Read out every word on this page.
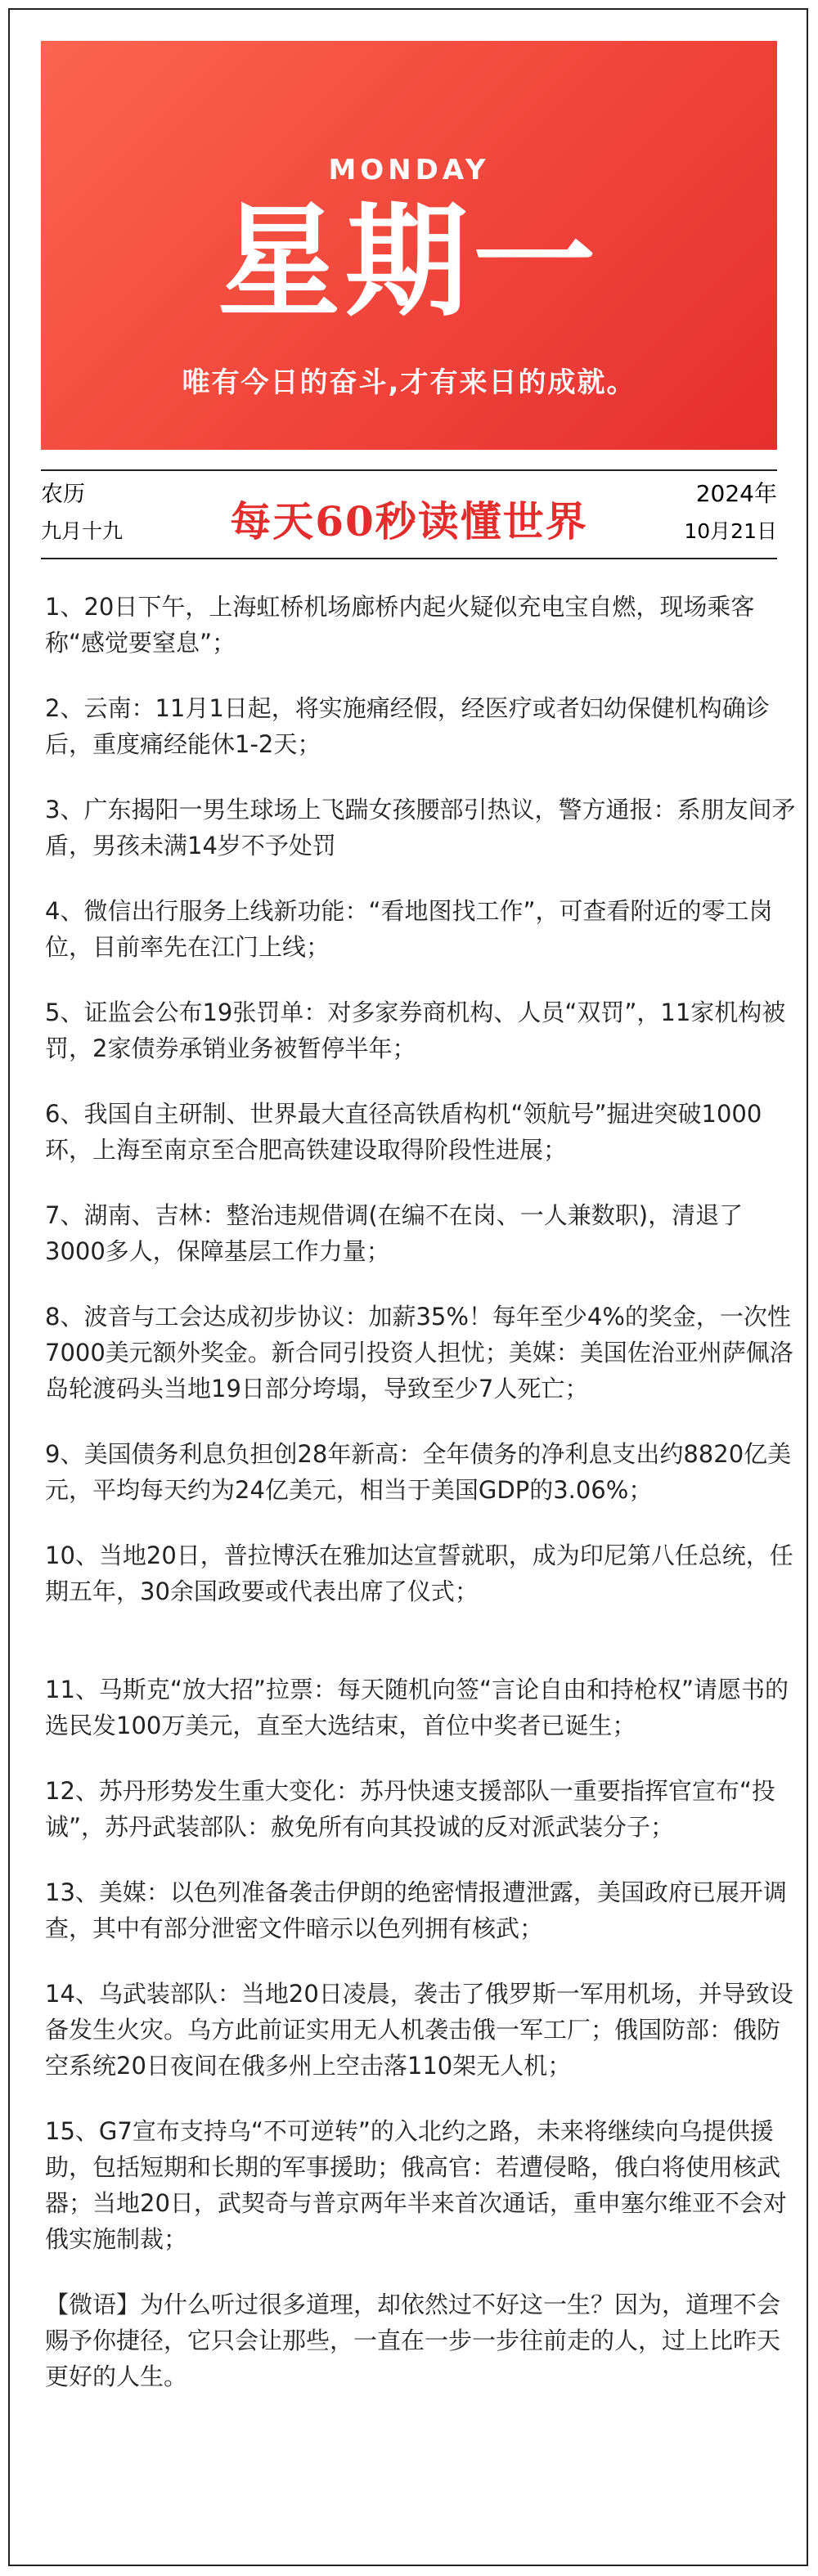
MONDAY
星期一
唯有今日的奋斗,才有来日的成就。
农历
九月十九	每天60秒读懂世界
2024年
10月21日

1、20日下午，上海虹桥机场廊桥内起火疑似充电宝自燃，现场乘客称“感觉要窒息”；

2、云南：11月1日起，将实施痛经假，经医疗或者妇幼保健机构确诊后，重度痛经能休1-2天；

3、广东揭阳一男生球场上飞踹女孩腰部引热议，警方通报：系朋友间矛盾，男孩未满14岁不予处罚

4、微信出行服务上线新功能：“看地图找工作”，可查看附近的零工岗位，目前率先在江门上线；

5、证监会公布19张罚单：对多家券商机构、人员“双罚”，11家机构被罚，2家债券承销业务被暂停半年；

6、我国自主研制、世界最大直径高铁盾构机“领航号”掘进突破1000环，上海至南京至合肥高铁建设取得阶段性进展；

7、湖南、吉林：整治违规借调(在编不在岗、一人兼数职)，清退了3000多人，保障基层工作力量；

8、波音与工会达成初步协议：加薪35%！每年至少4%的奖金，一次性7000美元额外奖金。新合同引投资人担忧；美媒：美国佐治亚州萨佩洛岛轮渡码头当地19日部分垮塌，导致至少7人死亡；

9、美国债务利息负担创28年新高：全年债务的净利息支出约8820亿美元，平均每天约为24亿美元，相当于美国GDP的3.06%；

10、当地20日，普拉博沃在雅加达宣誓就职，成为印尼第八任总统，任期五年，30余国政要或代表出席了仪式；

11、马斯克“放大招”拉票：每天随机向签“言论自由和持枪权”请愿书的选民发100万美元，直至大选结束，首位中奖者已诞生；

12、苏丹形势发生重大变化：苏丹快速支援部队一重要指挥官宣布“投诚”，苏丹武装部队：赦免所有向其投诚的反对派武装分子；

13、美媒：以色列准备袭击伊朗的绝密情报遭泄露，美国政府已展开调查，其中有部分泄密文件暗示以色列拥有核武；

14、乌武装部队：当地20日凌晨，袭击了俄罗斯一军用机场，并导致设备发生火灾。乌方此前证实用无人机袭击俄一军工厂；俄国防部：俄防空系统20日夜间在俄多州上空击落110架无人机；

15、G7宣布支持乌“不可逆转”的入北约之路，未来将继续向乌提供援助，包括短期和长期的军事援助；俄高官：若遭侵略，俄白将使用核武器；当地20日，武契奇与普京两年半来首次通话，重申塞尔维亚不会对俄实施制裁；

【微语】为什么听过很多道理，却依然过不好这一生？因为，道理不会赐予你捷径，它只会让那些，一直在一步一步往前走的人，过上比昨天更好的人生。
